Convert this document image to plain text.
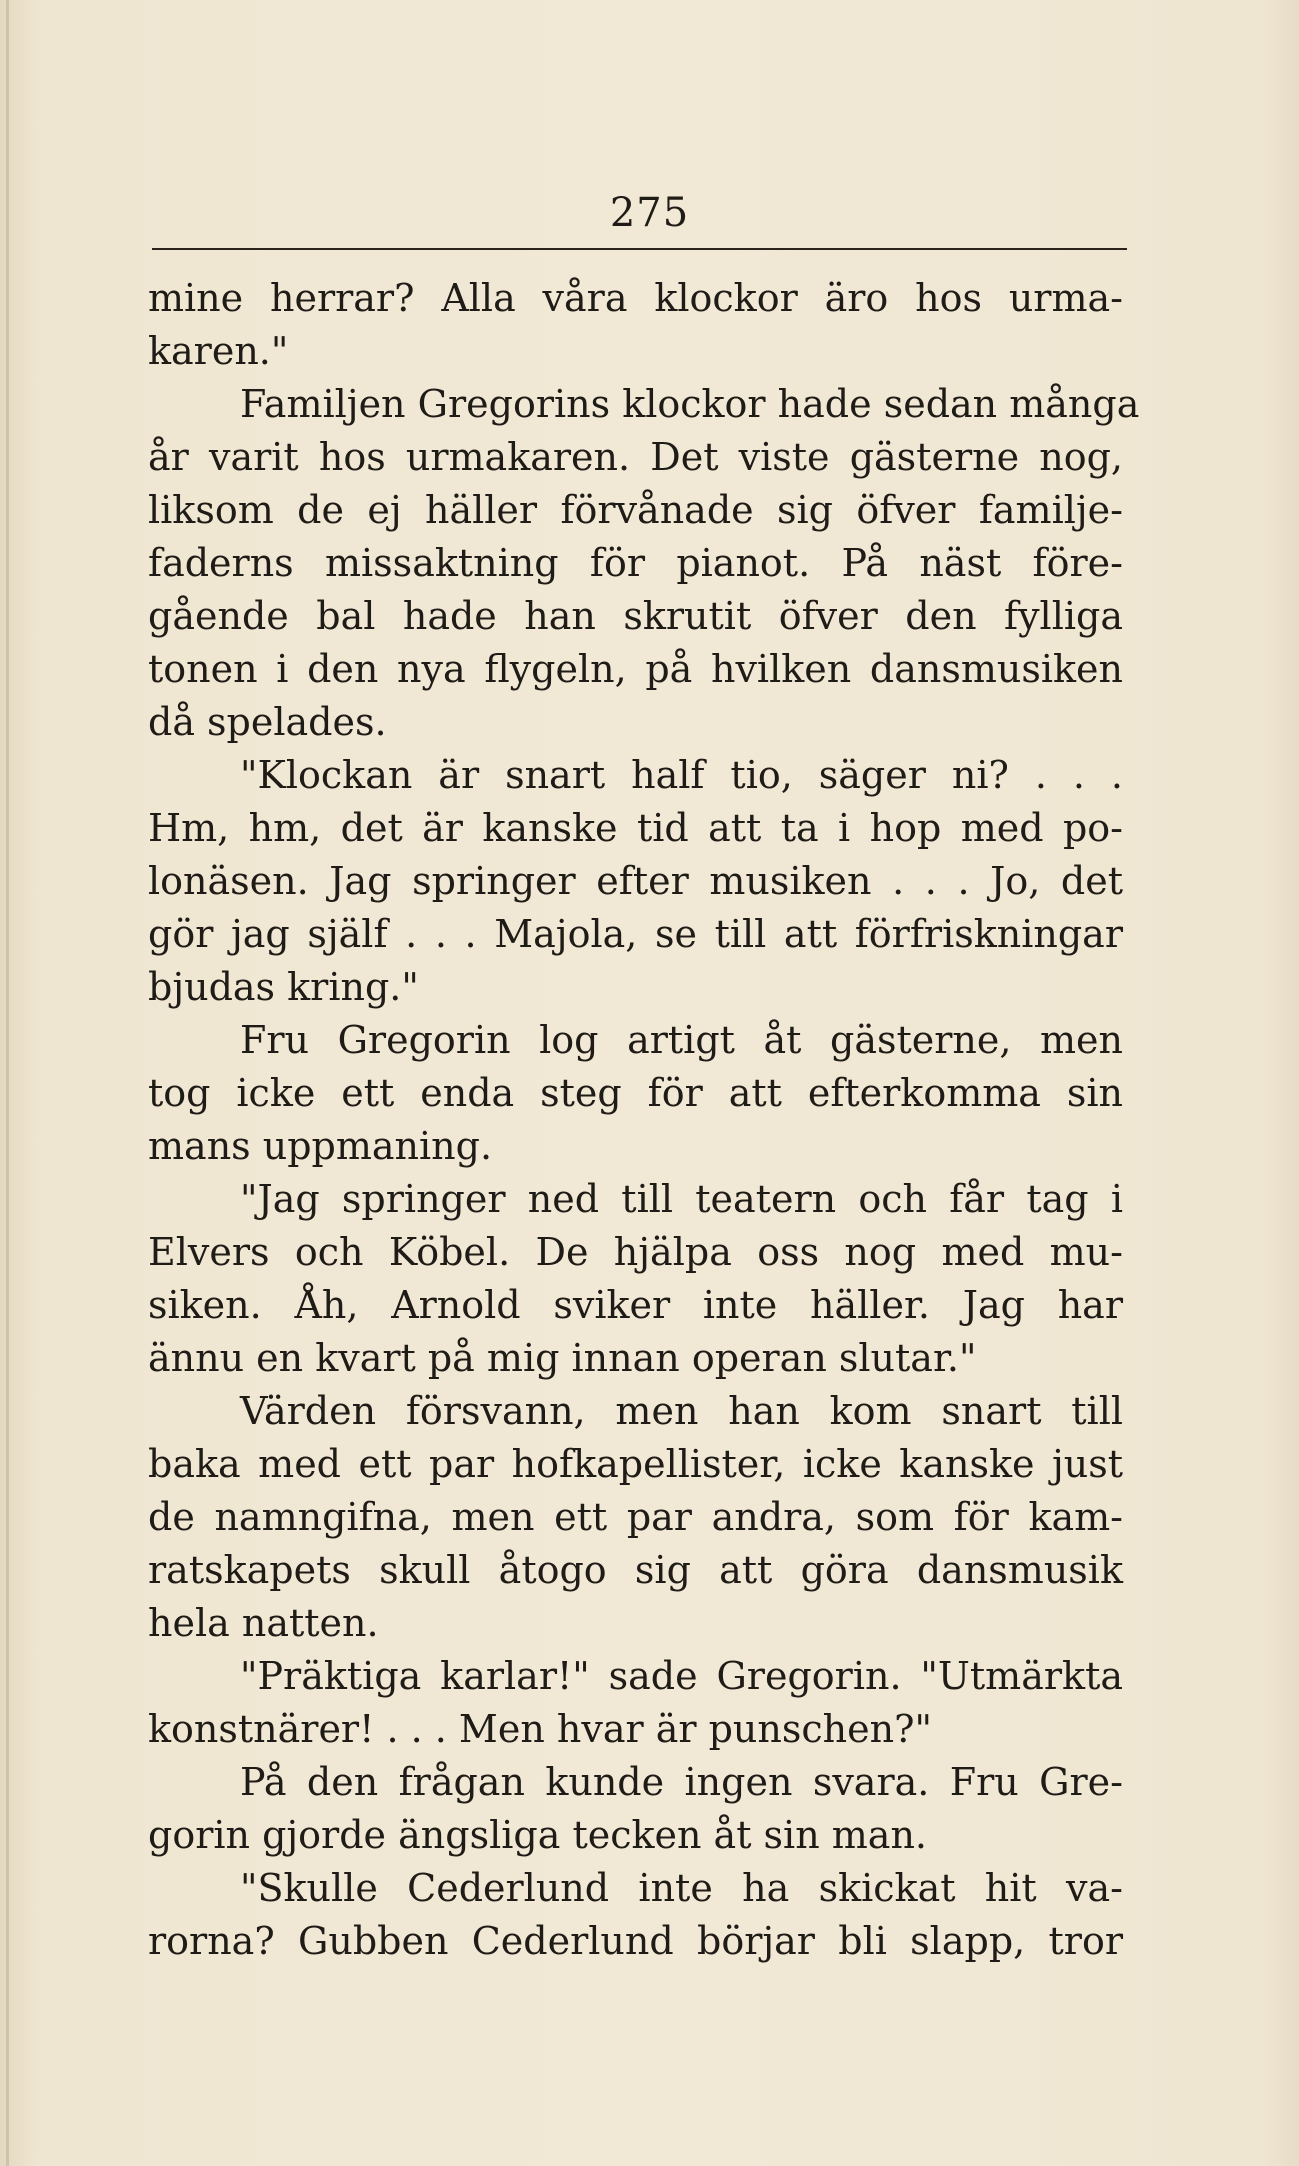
275
mine herrar? Alla våra klockor äro hos urma-
karen."
Familjen Gregorins klockor hade sedan många
år varit hos urmakaren. Det viste gästerne nog,
liksom de ej häller förvånade sig öfver familje-
faderns missaktning för pianot. På näst före-
gående bal hade han skrutit öfver den fylliga
tonen i den nya flygeln, på hvilken dansmusiken
då spelades.
"Klockan är snart half tio, säger ni? . . .
Hm, hm, det är kanske tid att ta i hop med po-
lonäsen. Jag springer efter musiken . . . Jo, det
gör jag själf . . . Majola, se till att förfriskningar
bjudas kring."
Fru Gregorin log artigt åt gästerne, men
tog icke ett enda steg för att efterkomma sin
mans uppmaning.
"Jag springer ned till teatern och får tag i
Elvers och Köbel. De hjälpa oss nog med mu-
siken. Åh, Arnold sviker inte häller. Jag har
ännu en kvart på mig innan operan slutar."
Värden försvann, men han kom snart till
baka med ett par hofkapellister, icke kanske just
de namngifna, men ett par andra, som för kam-
ratskapets skull åtogo sig att göra dansmusik
hela natten.
"Präktiga karlar!" sade Gregorin. "Utmärkta
konstnärer! . . . Men hvar är punschen?"
På den frågan kunde ingen svara. Fru Gre-
gorin gjorde ängsliga tecken åt sin man.
"Skulle Cederlund inte ha skickat hit va-
rorna? Gubben Cederlund börjar bli slapp, tror
